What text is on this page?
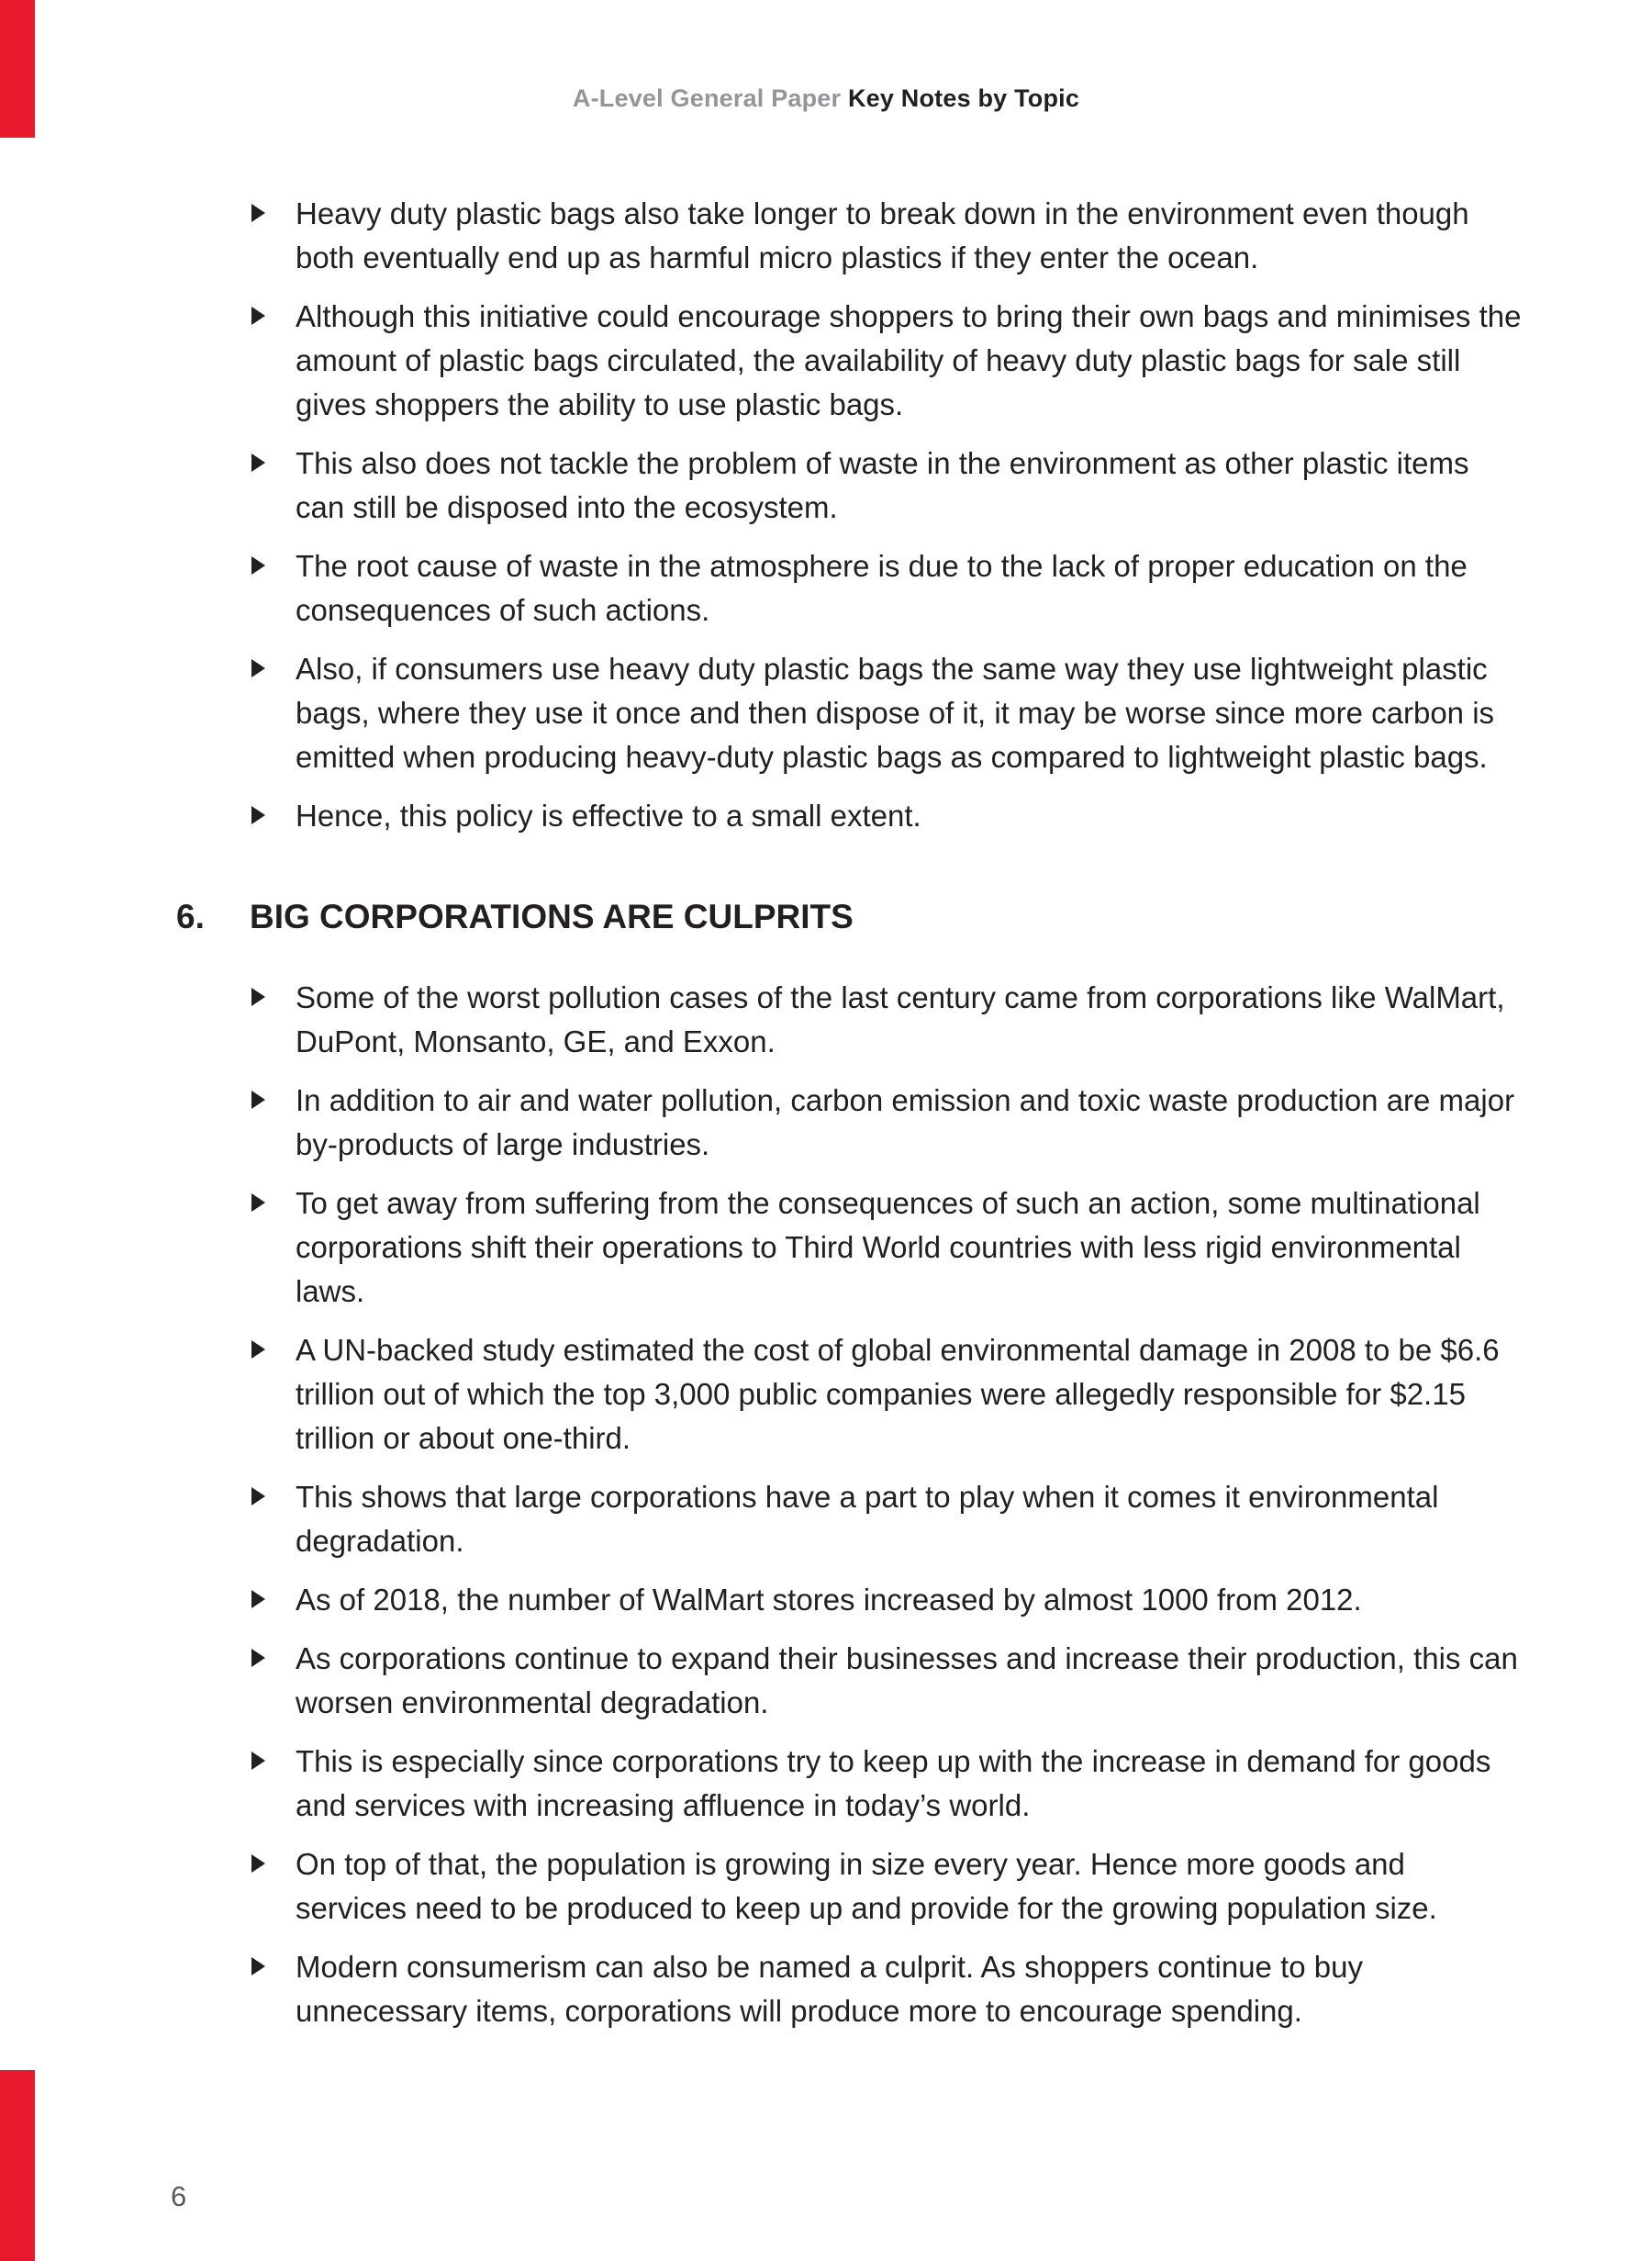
A-Level General Paper Key Notes by Topic
Heavy duty plastic bags also take longer to break down in the environment even though both eventually end up as harmful micro plastics if they enter the ocean.
Although this initiative could encourage shoppers to bring their own bags and minimises the amount of plastic bags circulated, the availability of heavy duty plastic bags for sale still gives shoppers the ability to use plastic bags.
This also does not tackle the problem of waste in the environment as other plastic items can still be disposed into the ecosystem.
The root cause of waste in the atmosphere is due to the lack of proper education on the consequences of such actions.
Also, if consumers use heavy duty plastic bags the same way they use lightweight plastic bags, where they use it once and then dispose of it, it may be worse since more carbon is emitted when producing heavy-duty plastic bags as compared to lightweight plastic bags.
Hence, this policy is effective to a small extent.
6.	BIG CORPORATIONS ARE CULPRITS
Some of the worst pollution cases of the last century came from corporations like WalMart, DuPont, Monsanto, GE, and Exxon.
In addition to air and water pollution, carbon emission and toxic waste production are major by-products of large industries.
To get away from suffering from the consequences of such an action, some multinational corporations shift their operations to Third World countries with less rigid environmental laws.
A UN-backed study estimated the cost of global environmental damage in 2008 to be $6.6 trillion out of which the top 3,000 public companies were allegedly responsible for $2.15 trillion or about one-third.
This shows that large corporations have a part to play when it comes it environmental degradation.
As of 2018, the number of WalMart stores increased by almost 1000 from 2012.
As corporations continue to expand their businesses and increase their production, this can worsen environmental degradation.
This is especially since corporations try to keep up with the increase in demand for goods and services with increasing affluence in today’s world.
On top of that, the population is growing in size every year. Hence more goods and services need to be produced to keep up and provide for the growing population size.
Modern consumerism can also be named a culprit. As shoppers continue to buy unnecessary items, corporations will produce more to encourage spending.
6
